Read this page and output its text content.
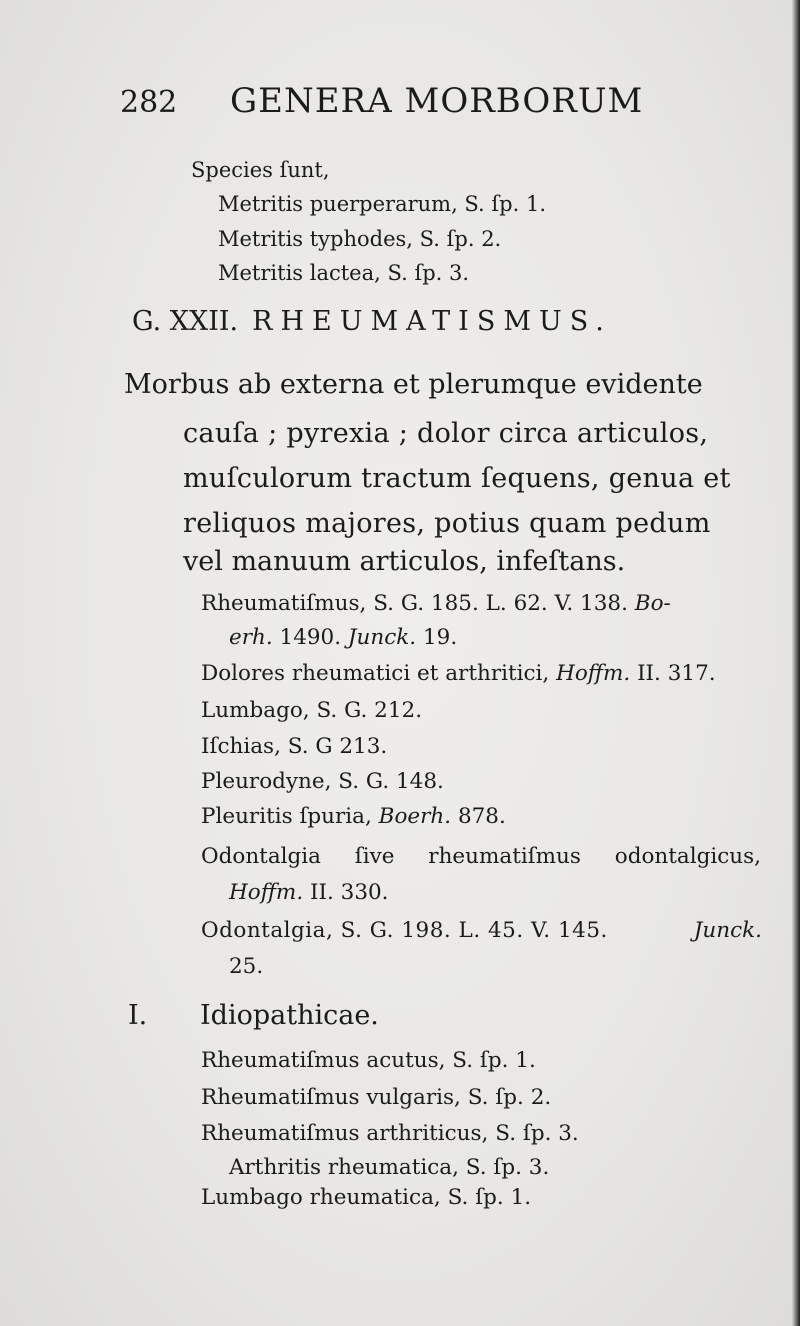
282 GENERA MORBORUM
Species ſunt,
Metritis puerperarum, S. ſp. 1.
Metritis typhodes, S. ſp. 2.
Metritis lactea, S. ſp. 3.
G. XXII. RHEUMATISMUS.
Morbus ab externa et plerumque evidente
cauſa ; pyrexia ; dolor circa articulos,
muſculorum tractum ſequens, genua et
reliquos majores, potius quam pedum
vel manuum articulos, infeſtans.
Rheumatiſmus, S. G. 185. L. 62. V. 138. Bo-
erh. 1490. Junck. 19.
Dolores rheumatici et arthritici, Hoffm. II. 317.
Lumbago, S. G. 212.
Iſchias, S. G 213.
Pleurodyne, S. G. 148.
Pleuritis ſpuria, Boerh. 878.
Odontalgia ſive rheumatiſmus odontalgicus,
Hoffm. II. 330.
Odontalgia, S. G. 198. L. 45. V. 145.	Junck.
25.
I. Idiopathicae.
Rheumatiſmus acutus, S. ſp. 1.
Rheumatiſmus vulgaris, S. ſp. 2.
Rheumatiſmus arthriticus, S. ſp. 3.
Arthritis rheumatica, S. ſp. 3.
Lumbago rheumatica, S. ſp. 1.
